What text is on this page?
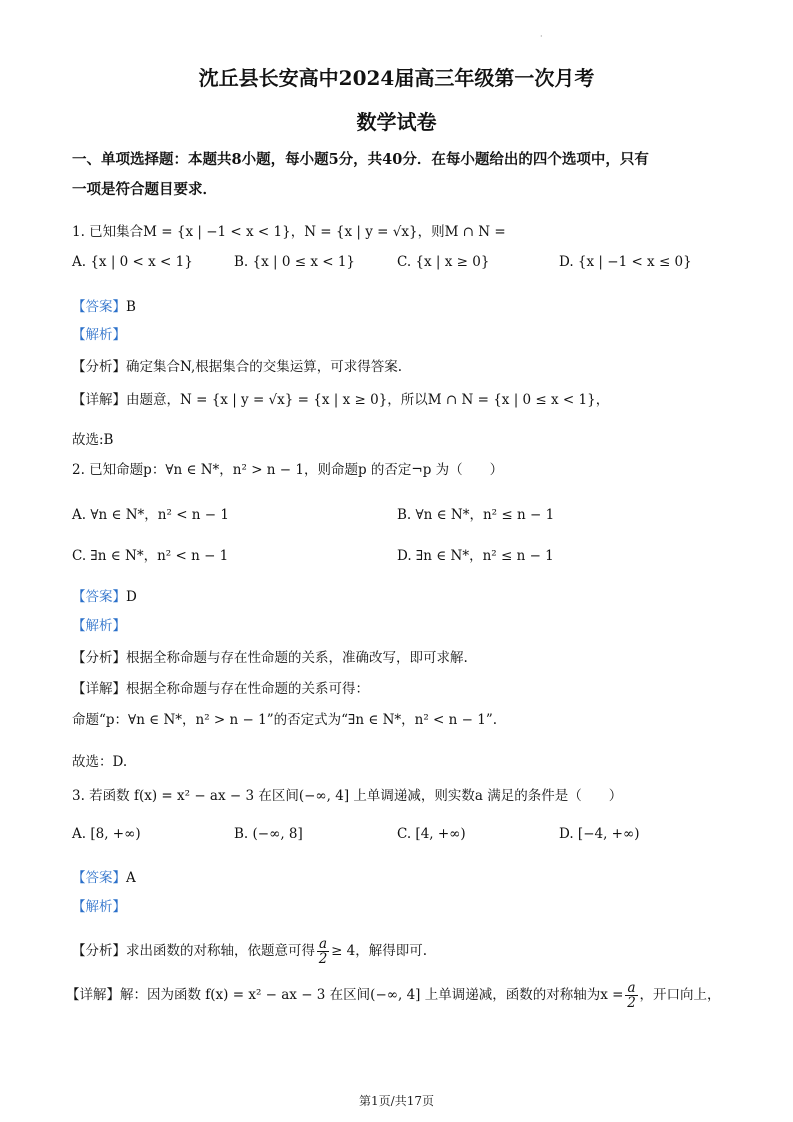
·
沈丘县长安高中2024届高三年级第一次月考
数学试卷
一、单项选择题：本题共8小题，每小题5分，共40分．在每小题给出的四个选项中，只有
一项是符合题目要求．
1. 已知集合M = {x | −1 < x < 1}，N = {x | y = √x}，则M ∩ N =
A. {x | 0 < x < 1}	B. {x | 0 ≤ x < 1}	C. {x | x ≥ 0}	D. {x | −1 < x ≤ 0}
【答案】B
【解析】
【分析】确定集合N,根据集合的交集运算，可求得答案.
【详解】由题意，N = {x | y = √x} = {x | x ≥ 0}，所以M ∩ N = {x | 0 ≤ x < 1}，
故选:B
2. 已知命题p：∀n ∈ N*，n² > n − 1，则命题p 的否定¬p 为（　　）
A. ∀n ∈ N*，n² < n − 1	B. ∀n ∈ N*，n² ≤ n − 1
C. ∃n ∈ N*，n² < n − 1	D. ∃n ∈ N*，n² ≤ n − 1
【答案】D
【解析】
【分析】根据全称命题与存在性命题的关系，准确改写，即可求解.
【详解】根据全称命题与存在性命题的关系可得：
命题“p：∀n ∈ N*，n² > n − 1”的否定式为“∃n ∈ N*，n² < n − 1”.
故选：D.
3. 若函数 f(x) = x² − ax − 3 在区间(−∞, 4] 上单调递减，则实数a 满足的条件是（　　）
A. [8, +∞)	B. (−∞, 8]	C. [4, +∞)	D. [−4, +∞)
【答案】A
【解析】
【分析】求出函数的对称轴，依题意可得 $\frac{a}{2} \ge 4$，解得即可.
【详解】解：因为函数 f(x) = x² − ax − 3 在区间(−∞, 4] 上单调递减，函数的对称轴为$x = \frac{a}{2}$ ，开口向上，
第1页/共17页
